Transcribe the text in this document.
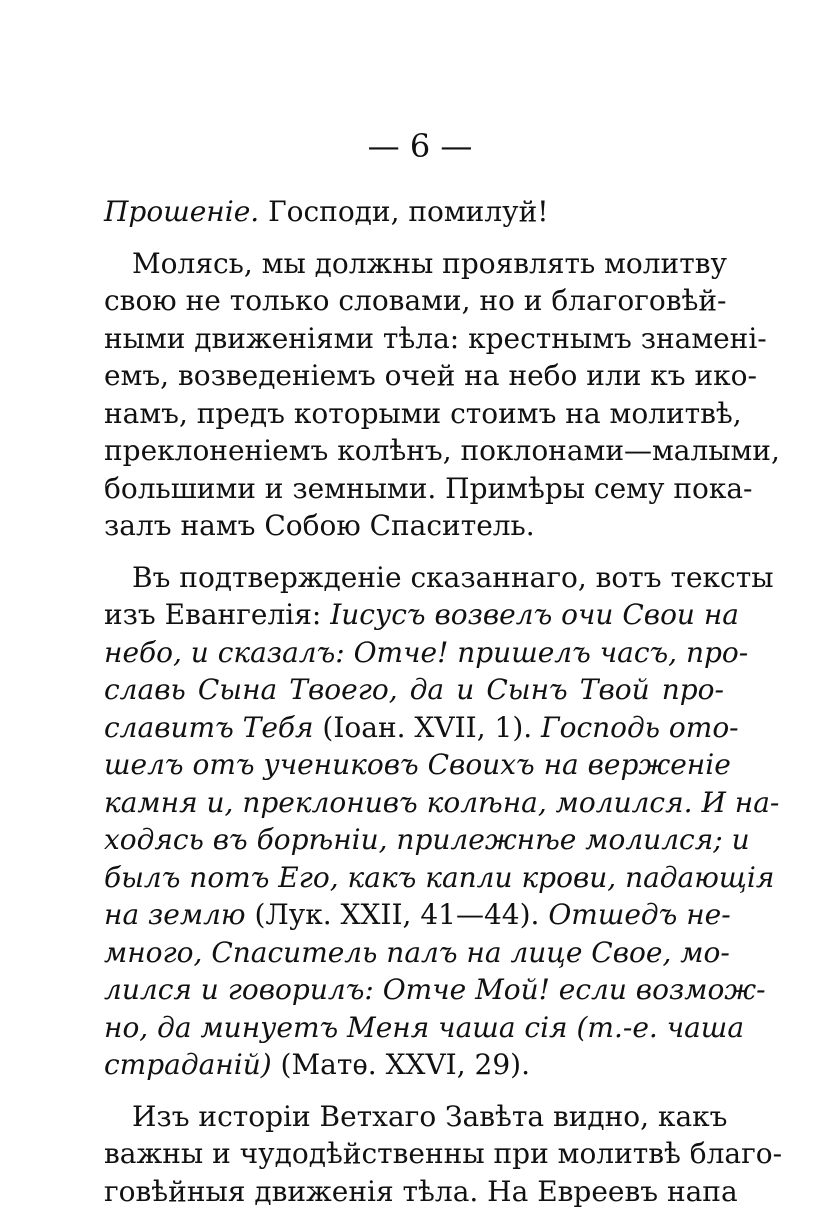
— 6 —
Прошеніе. Господи, помилуй!
Молясь, мы должны проявлять молитву
свою не только словами, но и благоговѣй-
ными движеніями тѣла: крестнымъ знамені-
емъ, возведеніемъ очей на небо или къ ико-
намъ, предъ которыми стоимъ на молитвѣ,
преклоненіемъ колѣнъ, поклонами—малыми,
большими и земными. Примѣры сему пока-
залъ намъ Собою Спаситель.
Въ подтвержденіе сказаннаго, вотъ тексты
изъ Евангелія: Іисусъ возвелъ очи Свои на
небо, и сказалъ: Отче! пришелъ часъ, про-
славь Сына Твоего, да и Сынъ Твой про-
славитъ Тебя (Іоан. XVII, 1). Господь ото-
шелъ отъ учениковъ Своихъ на верженіе
камня и, преклонивъ колѣна, молился. И на-
ходясь въ борѣніи, прилежнѣе молился; и
былъ потъ Его, какъ капли крови, падающія
на землю (Лук. XXII, 41—44). Отшедъ не-
много, Спаситель палъ на лице Свое, мо-
лился и говорилъ: Отче Мой! если возмож-
но, да минуетъ Меня чаша сія (т.-е. чаша
страданій) (Матѳ. XXVI, 29).
Изъ исторіи Ветхаго Завѣта видно, какъ
важны и чудодѣйственны при молитвѣ благо-
говѣйныя движенія тѣла. На Евреевъ напа
